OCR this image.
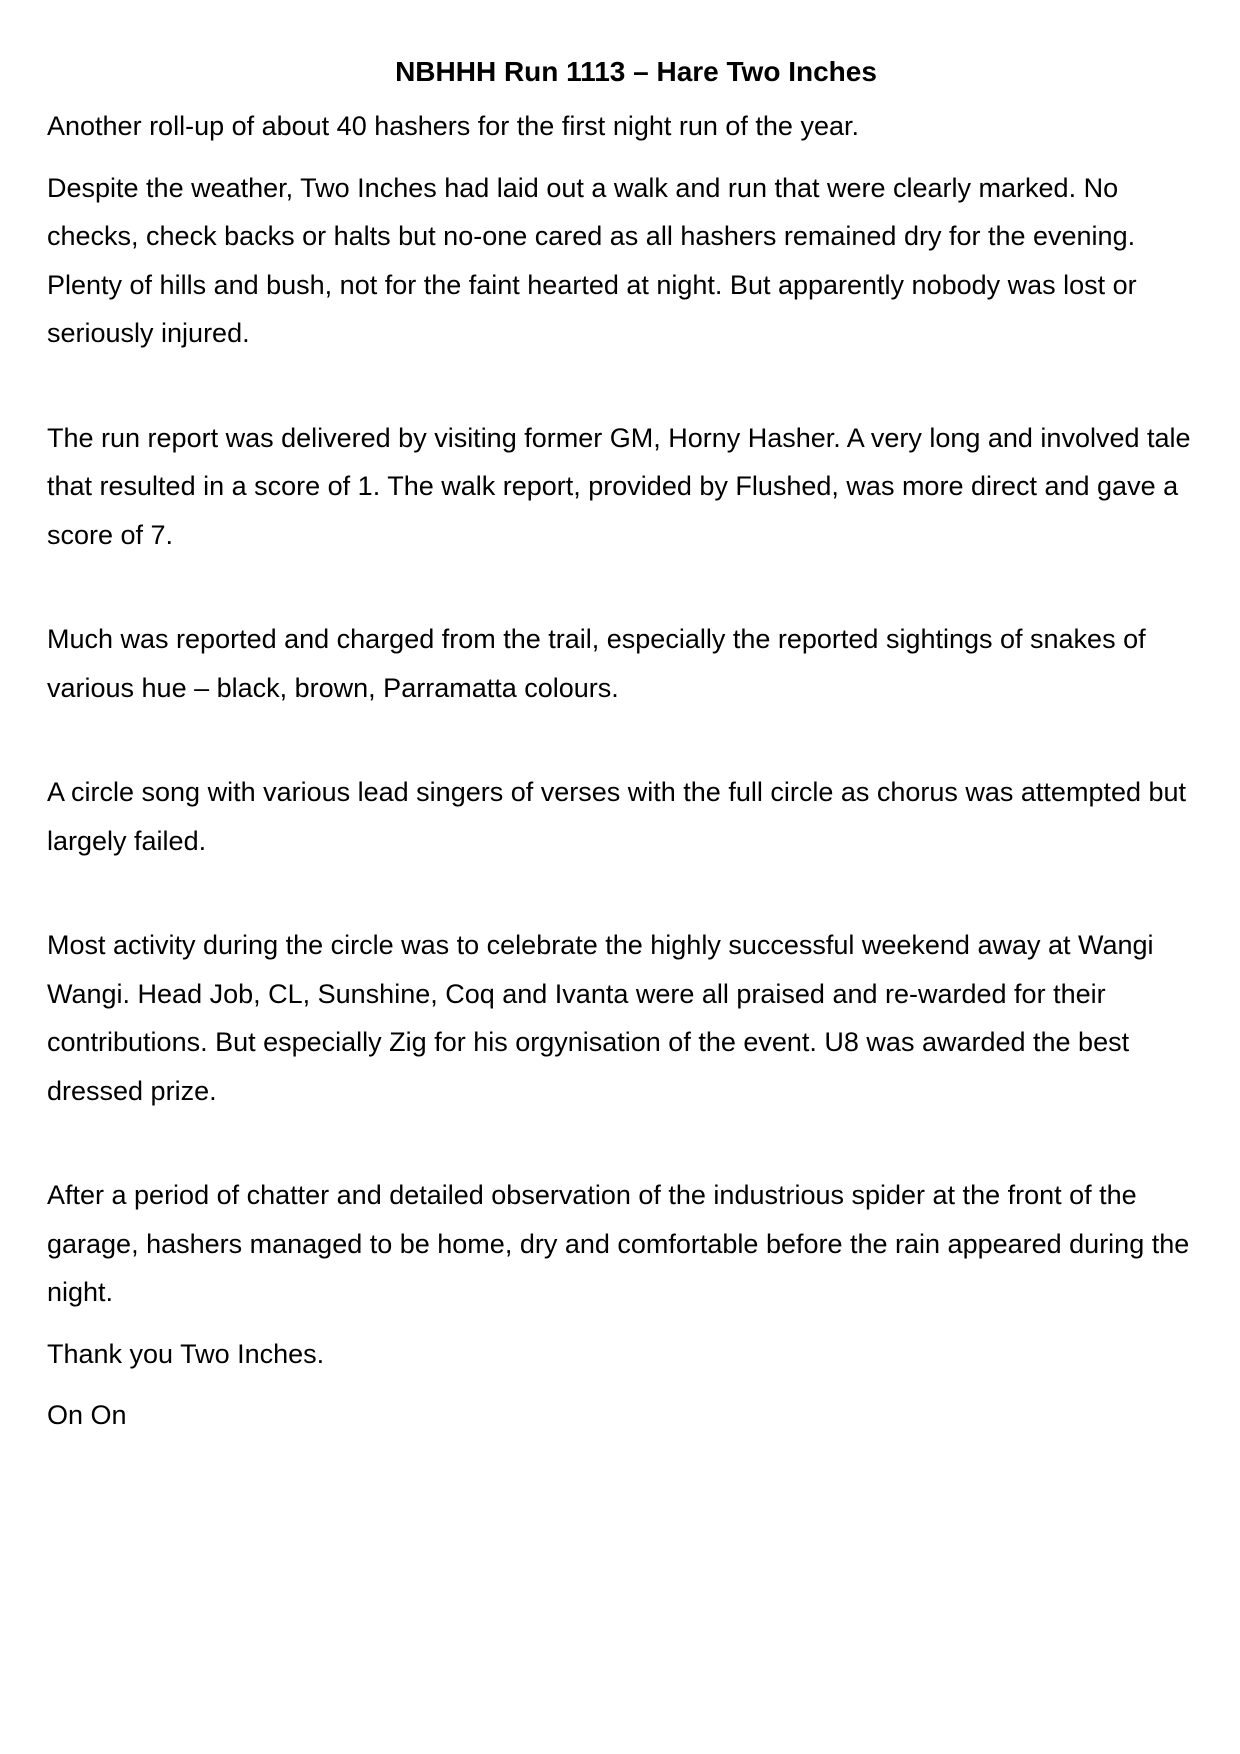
NBHHH Run 1113 – Hare Two Inches

Another roll-up of about 40 hashers for the first night run of the year.

Despite the weather, Two Inches had laid out a walk and run that were clearly marked. No checks, check backs or halts but no-one cared as all hashers remained dry for the evening. Plenty of hills and bush, not for the faint hearted at night. But apparently nobody was lost or seriously injured.

The run report was delivered by visiting former GM, Horny Hasher. A very long and involved tale that resulted in a score of 1. The walk report, provided by Flushed, was more direct and gave a score of 7.

Much was reported and charged from the trail, especially the reported sightings of snakes of various hue – black, brown, Parramatta colours.

A circle song with various lead singers of verses with the full circle as chorus was attempted but largely failed.

Most activity during the circle was to celebrate the highly successful weekend away at Wangi Wangi. Head Job, CL, Sunshine, Coq and Ivanta were all praised and re-warded for their contributions. But especially Zig for his orgynisation of the event. U8 was awarded the best dressed prize.

After a period of chatter and detailed observation of the industrious spider at the front of the garage, hashers managed to be home, dry and comfortable before the rain appeared during the night.

Thank you Two Inches.

On On
